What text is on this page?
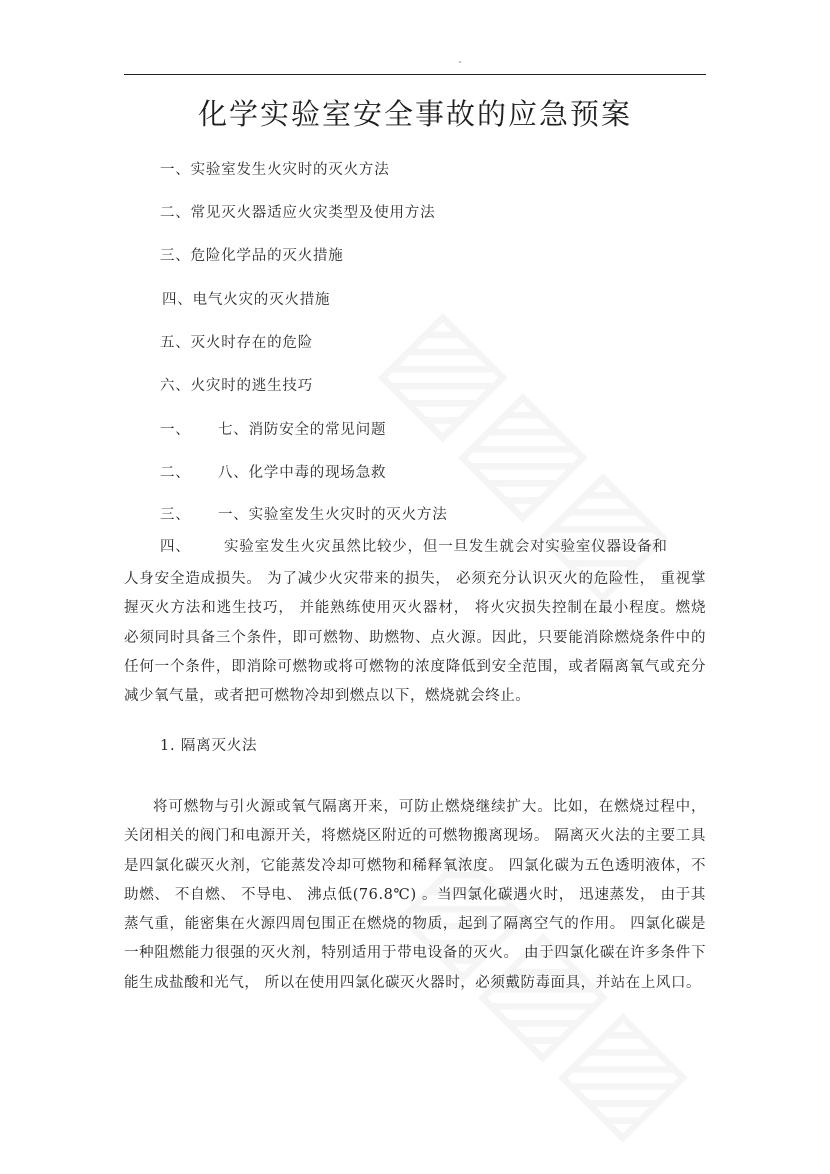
¨
化学实验室安全事故的应急预案
一、实验室发生火灾时的灭火方法
二、常见灭火器适应火灾类型及使用方法
三、危险化学品的灭火措施
四、电气火灾的灭火措施
五、灭火时存在的危险
六、火灾时的逃生技巧
一、 七、消防安全的常见问题
二、 八、化学中毒的现场急救
三、 一、实验室发生火灾时的灭火方法
四、 实验室发生火灾虽然比较少，但一旦发生就会对实验室仪器设备和

人身安全造成损失。 为了减少火灾带来的损失， 必须充分认识灭火的危险性， 重视掌握灭火方法和逃生技巧， 并能熟练使用灭火器材， 将火灾损失控制在最小程度。燃烧必须同时具备三个条件，即可燃物、助燃物、点火源。因此，只要能消除燃烧条件中的任何一个条件，即消除可燃物或将可燃物的浓度降低到安全范围，或者隔离氧气或充分减少氧气量，或者把可燃物冷却到燃点以下，燃烧就会终止。

1. 隔离灭火法

将可燃物与引火源或氧气隔离开来，可防止燃烧继续扩大。比如，在燃烧过程中， 关闭相关的阀门和电源开关，将燃烧区附近的可燃物搬离现场。 隔离灭火法的主要工具是四氯化碳灭火剂，它能蒸发冷却可燃物和稀释氧浓度。 四氯化碳为五色透明液体，不助燃、 不自燃、 不导电、 沸点低(76.8℃) 。当四氯化碳遇火时， 迅速蒸发， 由于其蒸气重，能密集在火源四周包围正在燃烧的物质，起到了隔离空气的作用。 四氯化碳是一种阻燃能力很强的灭火剂，特别适用于带电设备的灭火。 由于四氯化碳在许多条件下能生成盐酸和光气， 所以在使用四氯化碳灭火器时，必须戴防毒面具，并站在上风口。
